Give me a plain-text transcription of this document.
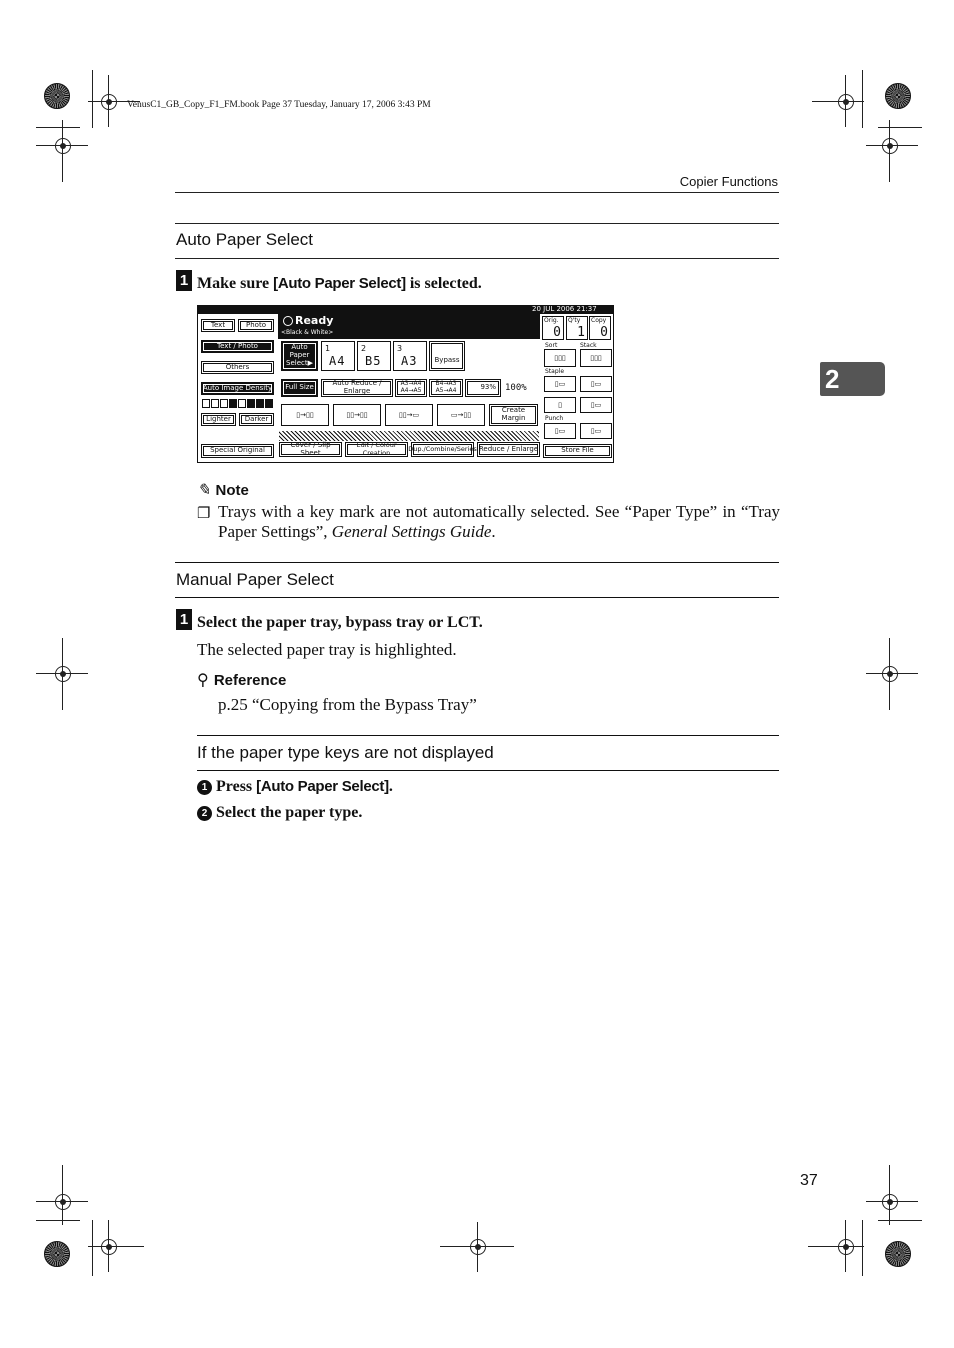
VenusC1_GB_Copy_F1_FM.book Page 37 Tuesday, January 17, 2006 3:43 PM
Copier Functions
2
Auto Paper Select
1 Make sure [Auto Paper Select] is selected.
20 JUL 2006 21:37
Ready
<Black & White>
Orig.
0
Q'ty
1
Copy
0
Text	Photo
Text / Photo
Others
Auto Image Density
Lighter	Darker
Special Original
Auto Paper Select▶
1
A4
2
B5
3
A3	Bypass
Full Size	Auto Reduce / Enlarge
A3→A4 A4→A5
B4→A3 A5→A4	93%	100%
▯→▯▯	▯▯→▯▯	▯▯→▭	▭→▯▯
Create Margin
Cover / Slip Sheet
Edit / Colour Creation	Dup./Combine/Series Reduce / Enlarge
Sort	Stack
▯▯▯	▯▯▯
Staple
▯▭	▯▭
▯	▯▭
Punch
▯▭	▯▭
Store File
✎ Note
❐ Trays with a key mark are not automatically selected. See “Paper Type” in “Tray Paper Settings”, General Settings Guide.
Manual Paper Select
1 Select the paper tray, bypass tray or LCT.
The selected paper tray is highlighted.
⚲ Reference
p.25 “Copying from the Bypass Tray”
If the paper type keys are not displayed
1 Press [Auto Paper Select].
2 Select the paper type.
37
